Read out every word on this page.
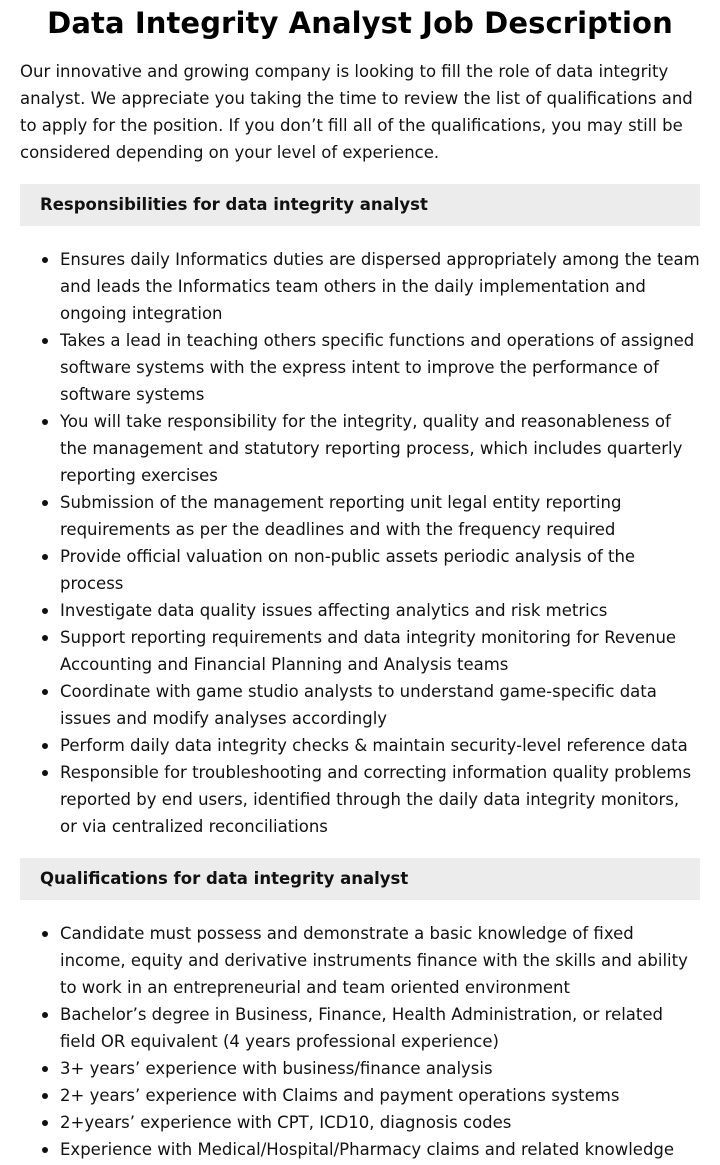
Data Integrity Analyst Job Description

Our innovative and growing company is looking to fill the role of data integrity analyst. We appreciate you taking the time to review the list of qualifications and to apply for the position. If you don’t fill all of the qualifications, you may still be considered depending on your level of experience.

Responsibilities for data integrity analyst
Ensures daily Informatics duties are dispersed appropriately among the team and leads the Informatics team others in the daily implementation and ongoing integration
Takes a lead in teaching others specific functions and operations of assigned software systems with the express intent to improve the performance of software systems
You will take responsibility for the integrity, quality and reasonableness of the management and statutory reporting process, which includes quarterly reporting exercises
Submission of the management reporting unit legal entity reporting requirements as per the deadlines and with the frequency required
Provide official valuation on non-public assets periodic analysis of the process
Investigate data quality issues affecting analytics and risk metrics
Support reporting requirements and data integrity monitoring for Revenue Accounting and Financial Planning and Analysis teams
Coordinate with game studio analysts to understand game-specific data issues and modify analyses accordingly
Perform daily data integrity checks & maintain security-level reference data
Responsible for troubleshooting and correcting information quality problems reported by end users, identified through the daily data integrity monitors, or via centralized reconciliations
Qualifications for data integrity analyst
Candidate must possess and demonstrate a basic knowledge of fixed income, equity and derivative instruments finance with the skills and ability to work in an entrepreneurial and team oriented environment
Bachelor’s degree in Business, Finance, Health Administration, or related field OR equivalent (4 years professional experience)
3+ years’ experience with business/finance analysis
2+ years’ experience with Claims and payment operations systems
2+years’ experience with CPT, ICD10, diagnosis codes
Experience with Medical/Hospital/Pharmacy claims and related knowledge
